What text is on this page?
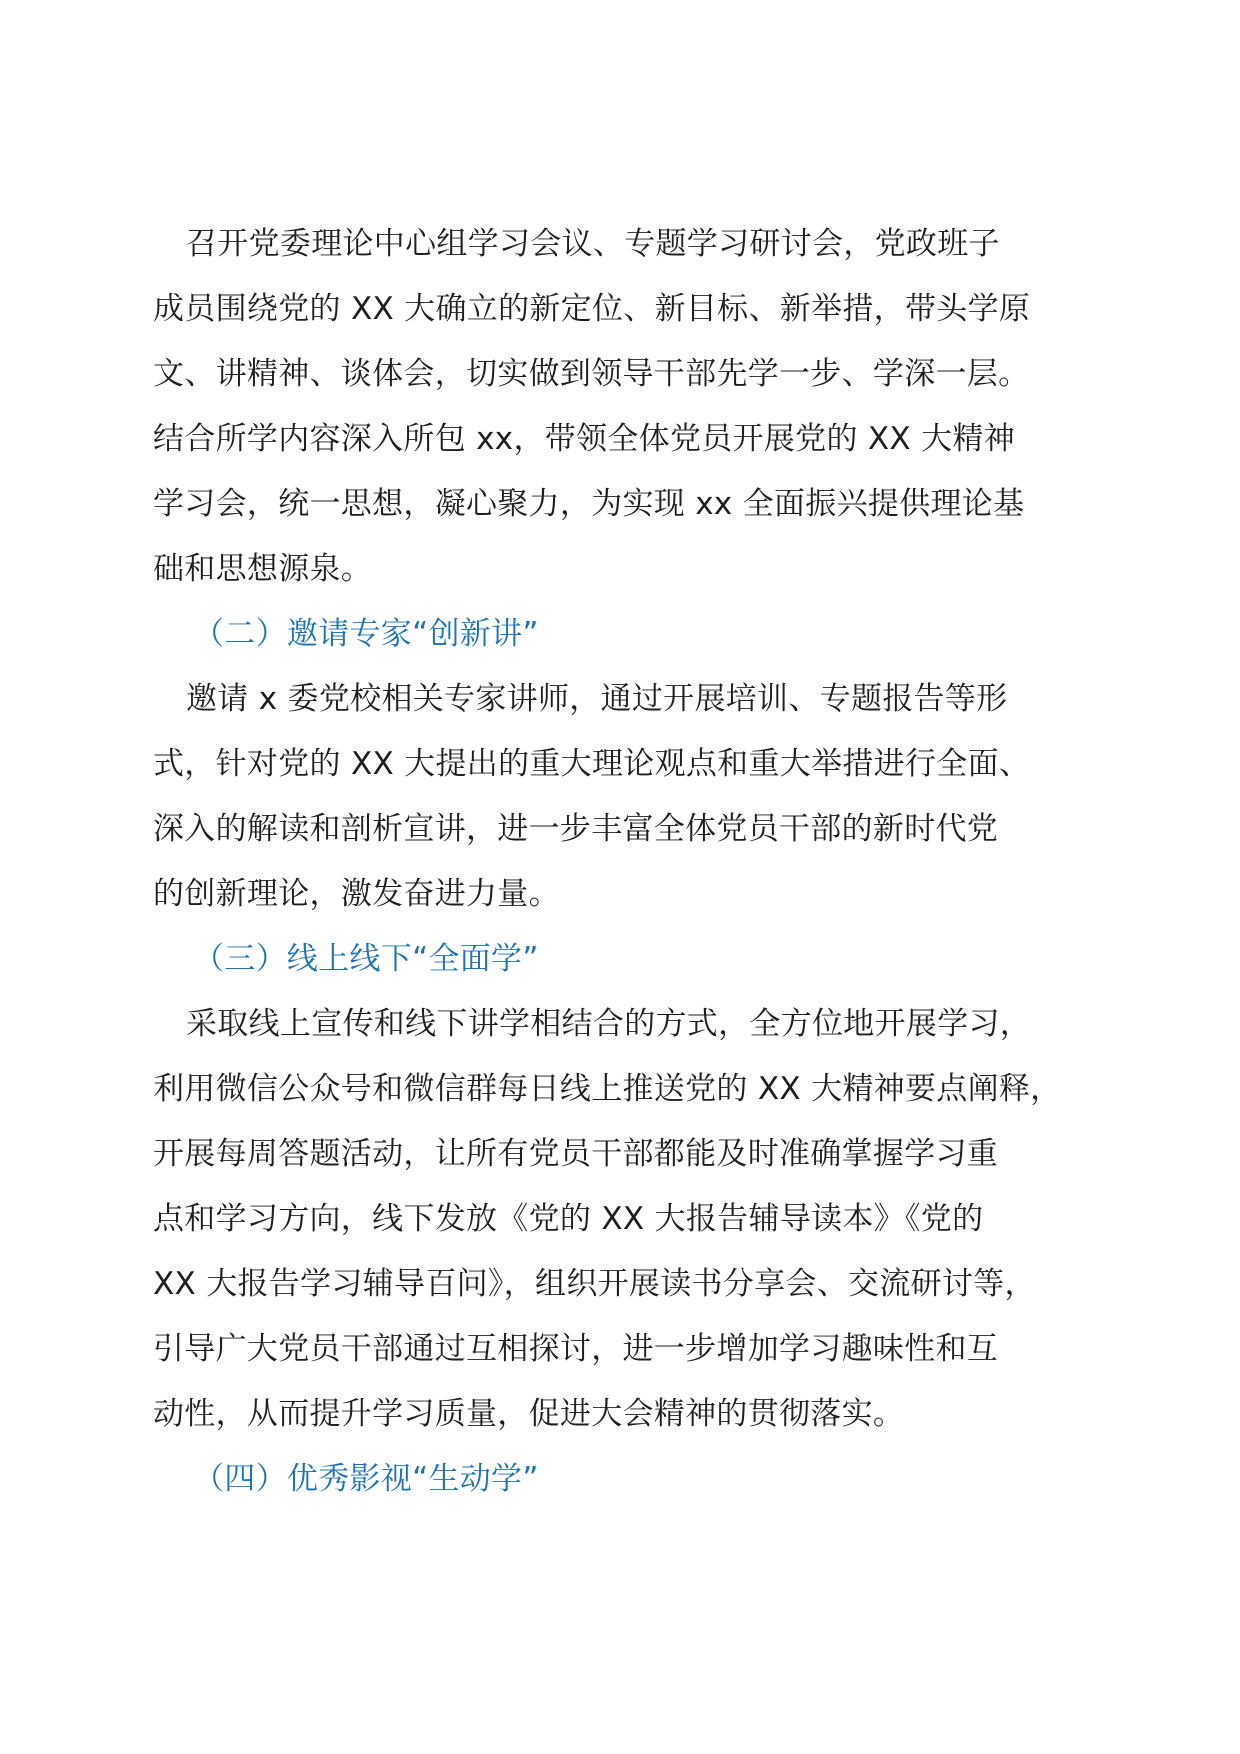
召开党委理论中心组学习会议、专题学习研讨会，党政班子
成员围绕党的 XX 大确立的新定位、新目标、新举措，带头学原
文、讲精神、谈体会，切实做到领导干部先学一步、学深一层。
结合所学内容深入所包 xx，带领全体党员开展党的 XX 大精神
学习会，统一思想，凝心聚力，为实现 xx 全面振兴提供理论基
础和思想源泉。
（二）邀请专家“创新讲”
邀请 x 委党校相关专家讲师，通过开展培训、专题报告等形
式，针对党的 XX 大提出的重大理论观点和重大举措进行全面、
深入的解读和剖析宣讲，进一步丰富全体党员干部的新时代党
的创新理论，激发奋进力量。
（三）线上线下“全面学”
采取线上宣传和线下讲学相结合的方式，全方位地开展学习，
利用微信公众号和微信群每日线上推送党的 XX 大精神要点阐释，
开展每周答题活动，让所有党员干部都能及时准确掌握学习重
点和学习方向，线下发放《党的 XX 大报告辅导读本》《党的
XX 大报告学习辅导百问》，组织开展读书分享会、交流研讨等，
引导广大党员干部通过互相探讨，进一步增加学习趣味性和互
动性，从而提升学习质量，促进大会精神的贯彻落实。
（四）优秀影视“生动学”
